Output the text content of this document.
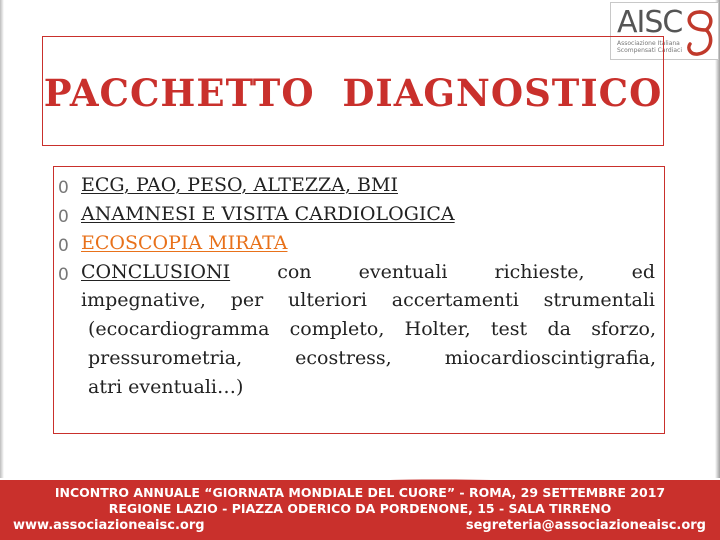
AISC
Associazione Italiana Scompensati Cardiaci
PACCHETTO  DIAGNOSTICO
0 ECG, PAO, PESO, ALTEZZA, BMI
0 ANAMNESI E VISITA CARDIOLOGICA
0 ECOSCOPIA MIRATA
0 CONCLUSIONI con eventuali richieste, ed
impegnative, per ulteriori accertamenti strumentali
(ecocardiogramma completo, Holter, test da sforzo,
pressurometria, ecostress, miocardioscintigrafia,
atri eventuali…)
INCONTRO ANNUALE “GIORNATA MONDIALE DEL CUORE” - ROMA, 29 SETTEMBRE 2017
REGIONE LAZIO - PIAZZA ODERICO DA PORDENONE, 15 - SALA TIRRENO
www.associazioneaisc.org	segreteria@associazioneaisc.org
